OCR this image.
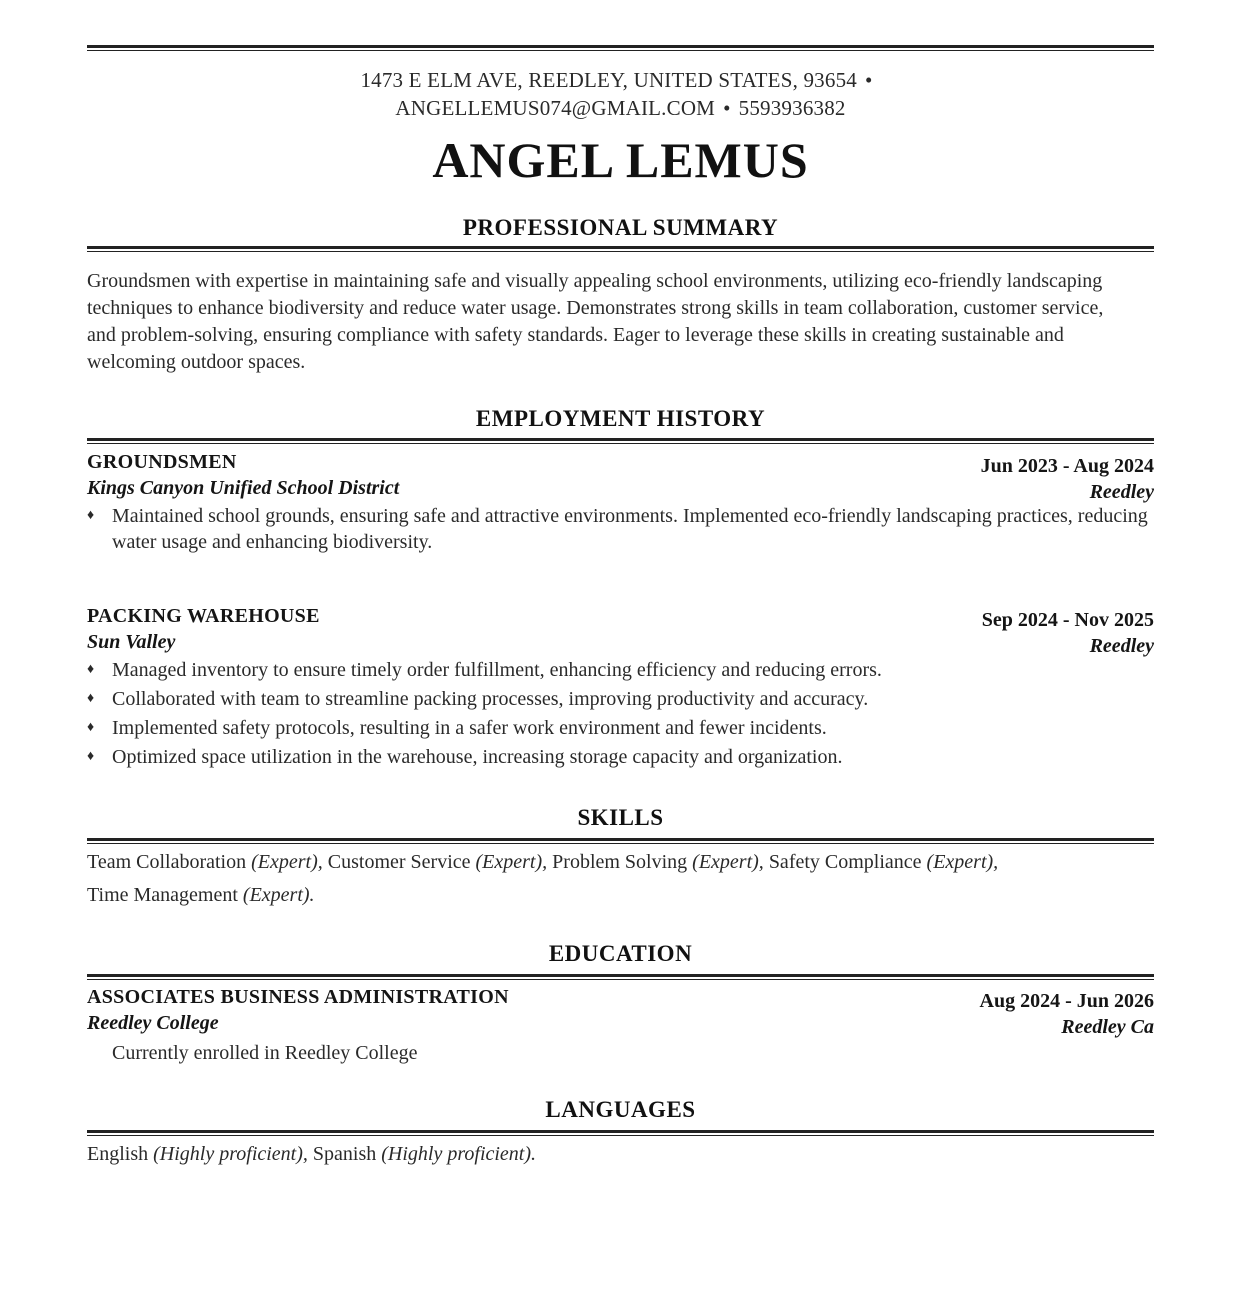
1473 E ELM AVE, REEDLEY, UNITED STATES, 93654 •
ANGELLEMUS074@GMAIL.COM • 5593936382
ANGEL LEMUS
PROFESSIONAL SUMMARY
Groundsmen with expertise in maintaining safe and visually appealing school environments, utilizing eco-friendly landscaping
techniques to enhance biodiversity and reduce water usage. Demonstrates strong skills in team collaboration, customer service,
and problem-solving, ensuring compliance with safety standards. Eager to leverage these skills in creating sustainable and
welcoming outdoor spaces.
EMPLOYMENT HISTORY
GROUNDSMEN
Kings Canyon Unified School District
Jun 2023 - Aug 2024
Reedley
♦ Maintained school grounds, ensuring safe and attractive environments. Implemented eco-friendly landscaping practices, reducing water usage and enhancing biodiversity.
PACKING WAREHOUSE
Sun Valley
Sep 2024 - Nov 2025
Reedley
♦ Managed inventory to ensure timely order fulfillment, enhancing efficiency and reducing errors.
♦ Collaborated with team to streamline packing processes, improving productivity and accuracy.
♦ Implemented safety protocols, resulting in a safer work environment and fewer incidents.
♦ Optimized space utilization in the warehouse, increasing storage capacity and organization.
SKILLS
Team Collaboration (Expert), Customer Service (Expert), Problem Solving (Expert), Safety Compliance (Expert),
Time Management (Expert).
EDUCATION
ASSOCIATES BUSINESS ADMINISTRATION
Reedley College
Aug 2024 - Jun 2026
Reedley Ca
Currently enrolled in Reedley College
LANGUAGES
English (Highly proficient), Spanish (Highly proficient).
